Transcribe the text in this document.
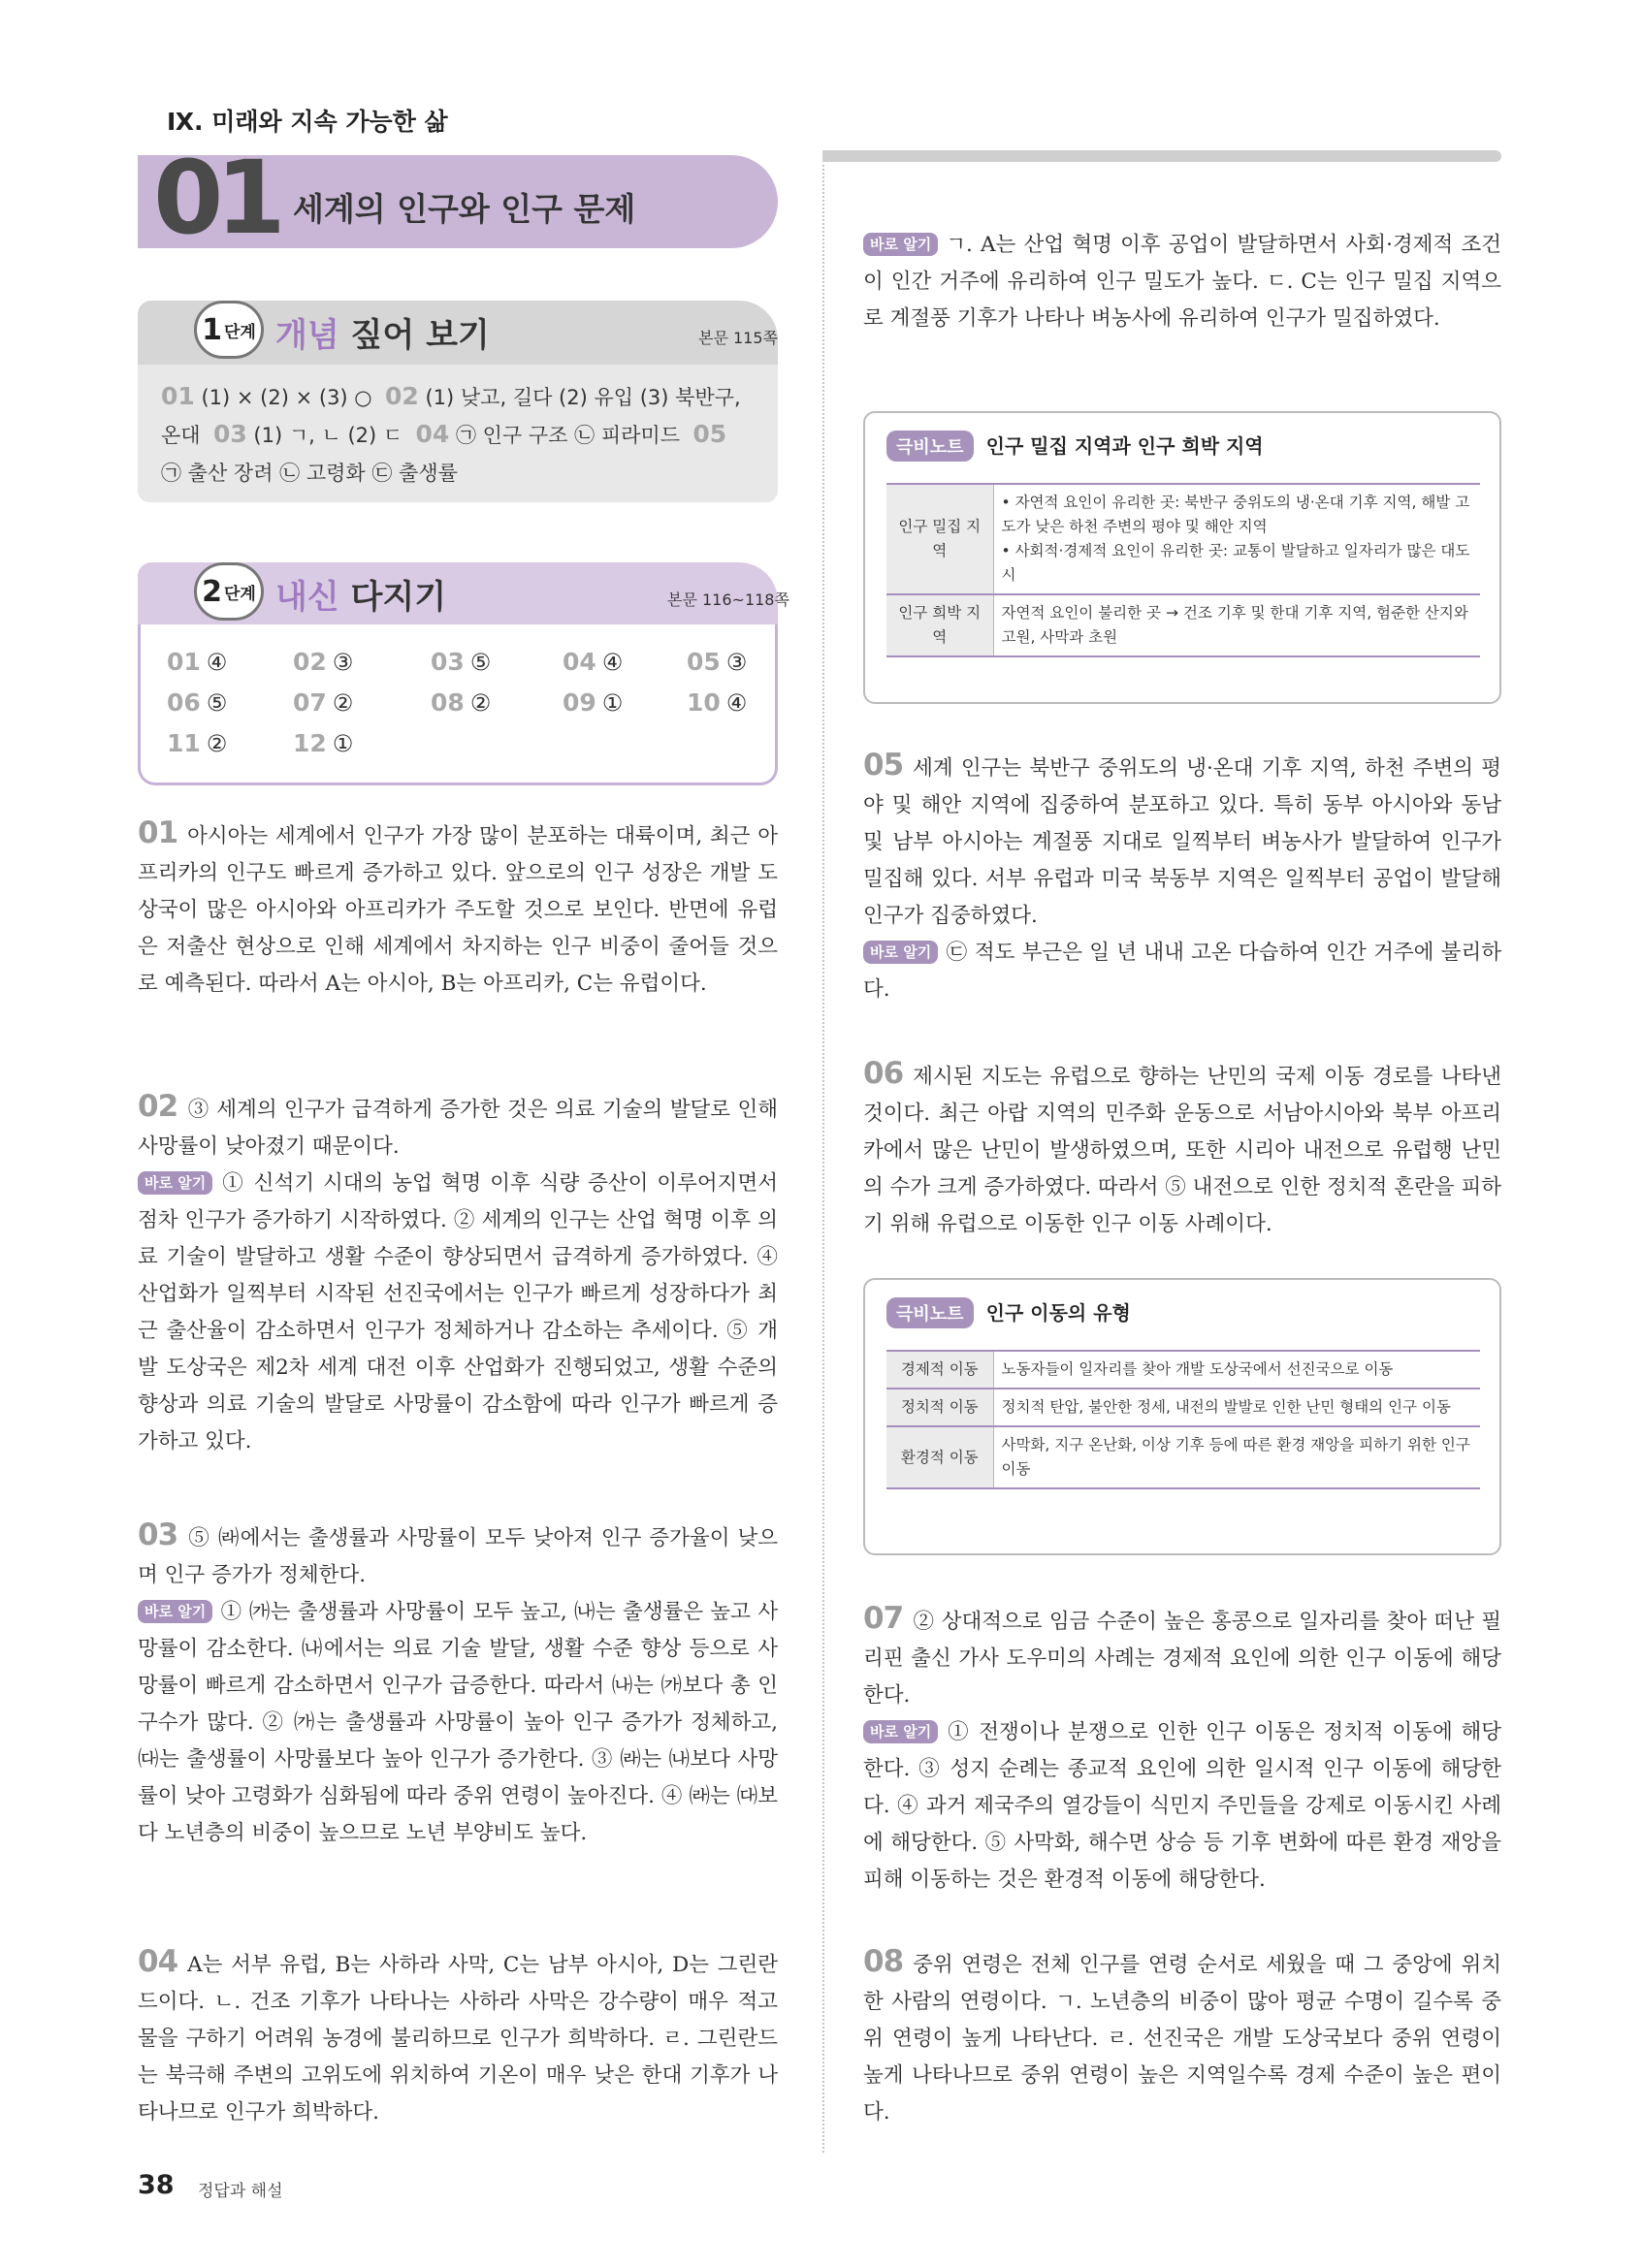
Ⅸ. 미래와 지속 가능한 삶
01 세계의 인구와 인구 문제
1 단계 개념 짚어 보기	본문 115쪽
01 (1) × (2) × (3) ○ 02 (1) 낮고, 길다 (2) 유입 (3) 북반구,
온대 03 (1) ㄱ, ㄴ (2) ㄷ 04 ㉠ 인구 구조 ㉡ 피라미드 05
㉠ 출산 장려 ㉡ 고령화 ㉢ 출생률
2 단계 내신 다지기	본문 116~118쪽
01 ④	02 ③	03 ⑤	04 ④	05 ③
06 ⑤	07 ②	08 ②	09 ①	10 ④
11 ②	12 ①
01 아시아는 세계에서 인구가 가장 많이 분포하는 대륙이며, 최근 아프리카의 인구도 빠르게 증가하고 있다. 앞으로의 인구 성장은 개발 도상국이 많은 아시아와 아프리카가 주도할 것으로 보인다. 반면에 유럽은 저출산 현상으로 인해 세계에서 차지하는 인구 비중이 줄어들 것으로 예측된다. 따라서 A는 아시아, B는 아프리카, C는 유럽이다.
02 ③ 세계의 인구가 급격하게 증가한 것은 의료 기술의 발달로 인해 사망률이 낮아졌기 때문이다.
바로 알기 ① 신석기 시대의 농업 혁명 이후 식량 증산이 이루어지면서 점차 인구가 증가하기 시작하였다. ② 세계의 인구는 산업 혁명 이후 의료 기술이 발달하고 생활 수준이 향상되면서 급격하게 증가하였다. ④ 산업화가 일찍부터 시작된 선진국에서는 인구가 빠르게 성장하다가 최근 출산율이 감소하면서 인구가 정체하거나 감소하는 추세이다. ⑤ 개발 도상국은 제2차 세계 대전 이후 산업화가 진행되었고, 생활 수준의 향상과 의료 기술의 발달로 사망률이 감소함에 따라 인구가 빠르게 증가하고 있다.
03 ⑤ ㈑에서는 출생률과 사망률이 모두 낮아져 인구 증가율이 낮으며 인구 증가가 정체한다.
바로 알기 ① ㈎는 출생률과 사망률이 모두 높고, ㈏는 출생률은 높고 사망률이 감소한다. ㈏에서는 의료 기술 발달, 생활 수준 향상 등으로 사망률이 빠르게 감소하면서 인구가 급증한다. 따라서 ㈏는 ㈎보다 총 인구수가 많다. ② ㈎는 출생률과 사망률이 높아 인구 증가가 정체하고, ㈐는 출생률이 사망률보다 높아 인구가 증가한다. ③ ㈑는 ㈏보다 사망률이 낮아 고령화가 심화됨에 따라 중위 연령이 높아진다. ④ ㈑는 ㈐보다 노년층의 비중이 높으므로 노년 부양비도 높다.
04 A는 서부 유럽, B는 사하라 사막, C는 남부 아시아, D는 그린란드이다. ㄴ. 건조 기후가 나타나는 사하라 사막은 강수량이 매우 적고 물을 구하기 어려워 농경에 불리하므로 인구가 희박하다. ㄹ. 그린란드는 북극해 주변의 고위도에 위치하여 기온이 매우 낮은 한대 기후가 나타나므로 인구가 희박하다.
바로 알기 ㄱ. A는 산업 혁명 이후 공업이 발달하면서 사회·경제적 조건이 인간 거주에 유리하여 인구 밀도가 높다. ㄷ. C는 인구 밀집 지역으로 계절풍 기후가 나타나 벼농사에 유리하여 인구가 밀집하였다.
극비노트 인구 밀집 지역과 인구 희박 지역
인구 밀집 지역	• 자연적 요인이 유리한 곳: 북반구 중위도의 냉·온대 기후 지역, 해발 고도가 낮은 하천 주변의 평야 및 해안 지역
• 사회적·경제적 요인이 유리한 곳: 교통이 발달하고 일자리가 많은 대도시

인구 희박 지역	자연적 요인이 불리한 곳 → 건조 기후 및 한대 기후 지역, 험준한 산지와 고원, 사막과 초원
05 세계 인구는 북반구 중위도의 냉·온대 기후 지역, 하천 주변의 평야 및 해안 지역에 집중하여 분포하고 있다. 특히 동부 아시아와 동남 및 남부 아시아는 계절풍 지대로 일찍부터 벼농사가 발달하여 인구가 밀집해 있다. 서부 유럽과 미국 북동부 지역은 일찍부터 공업이 발달해 인구가 집중하였다.
바로 알기 ㉢ 적도 부근은 일 년 내내 고온 다습하여 인간 거주에 불리하다.
06 제시된 지도는 유럽으로 향하는 난민의 국제 이동 경로를 나타낸 것이다. 최근 아랍 지역의 민주화 운동으로 서남아시아와 북부 아프리카에서 많은 난민이 발생하였으며, 또한 시리아 내전으로 유럽행 난민의 수가 크게 증가하였다. 따라서 ⑤ 내전으로 인한 정치적 혼란을 피하기 위해 유럽으로 이동한 인구 이동 사례이다.
극비노트 인구 이동의 유형
경제적 이동	노동자들이 일자리를 찾아 개발 도상국에서 선진국으로 이동
정치적 이동	정치적 탄압, 불안한 정세, 내전의 발발로 인한 난민 형태의 인구 이동
환경적 이동	사막화, 지구 온난화, 이상 기후 등에 따른 환경 재앙을 피하기 위한 인구 이동
07 ② 상대적으로 임금 수준이 높은 홍콩으로 일자리를 찾아 떠난 필리핀 출신 가사 도우미의 사례는 경제적 요인에 의한 인구 이동에 해당한다.
바로 알기 ① 전쟁이나 분쟁으로 인한 인구 이동은 정치적 이동에 해당한다. ③ 성지 순례는 종교적 요인에 의한 일시적 인구 이동에 해당한다. ④ 과거 제국주의 열강들이 식민지 주민들을 강제로 이동시킨 사례에 해당한다. ⑤ 사막화, 해수면 상승 등 기후 변화에 따른 환경 재앙을 피해 이동하는 것은 환경적 이동에 해당한다.
08 중위 연령은 전체 인구를 연령 순서로 세웠을 때 그 중앙에 위치한 사람의 연령이다. ㄱ. 노년층의 비중이 많아 평균 수명이 길수록 중위 연령이 높게 나타난다. ㄹ. 선진국은 개발 도상국보다 중위 연령이 높게 나타나므로 중위 연령이 높은 지역일수록 경제 수준이 높은 편이다.
38 정답과 해설
